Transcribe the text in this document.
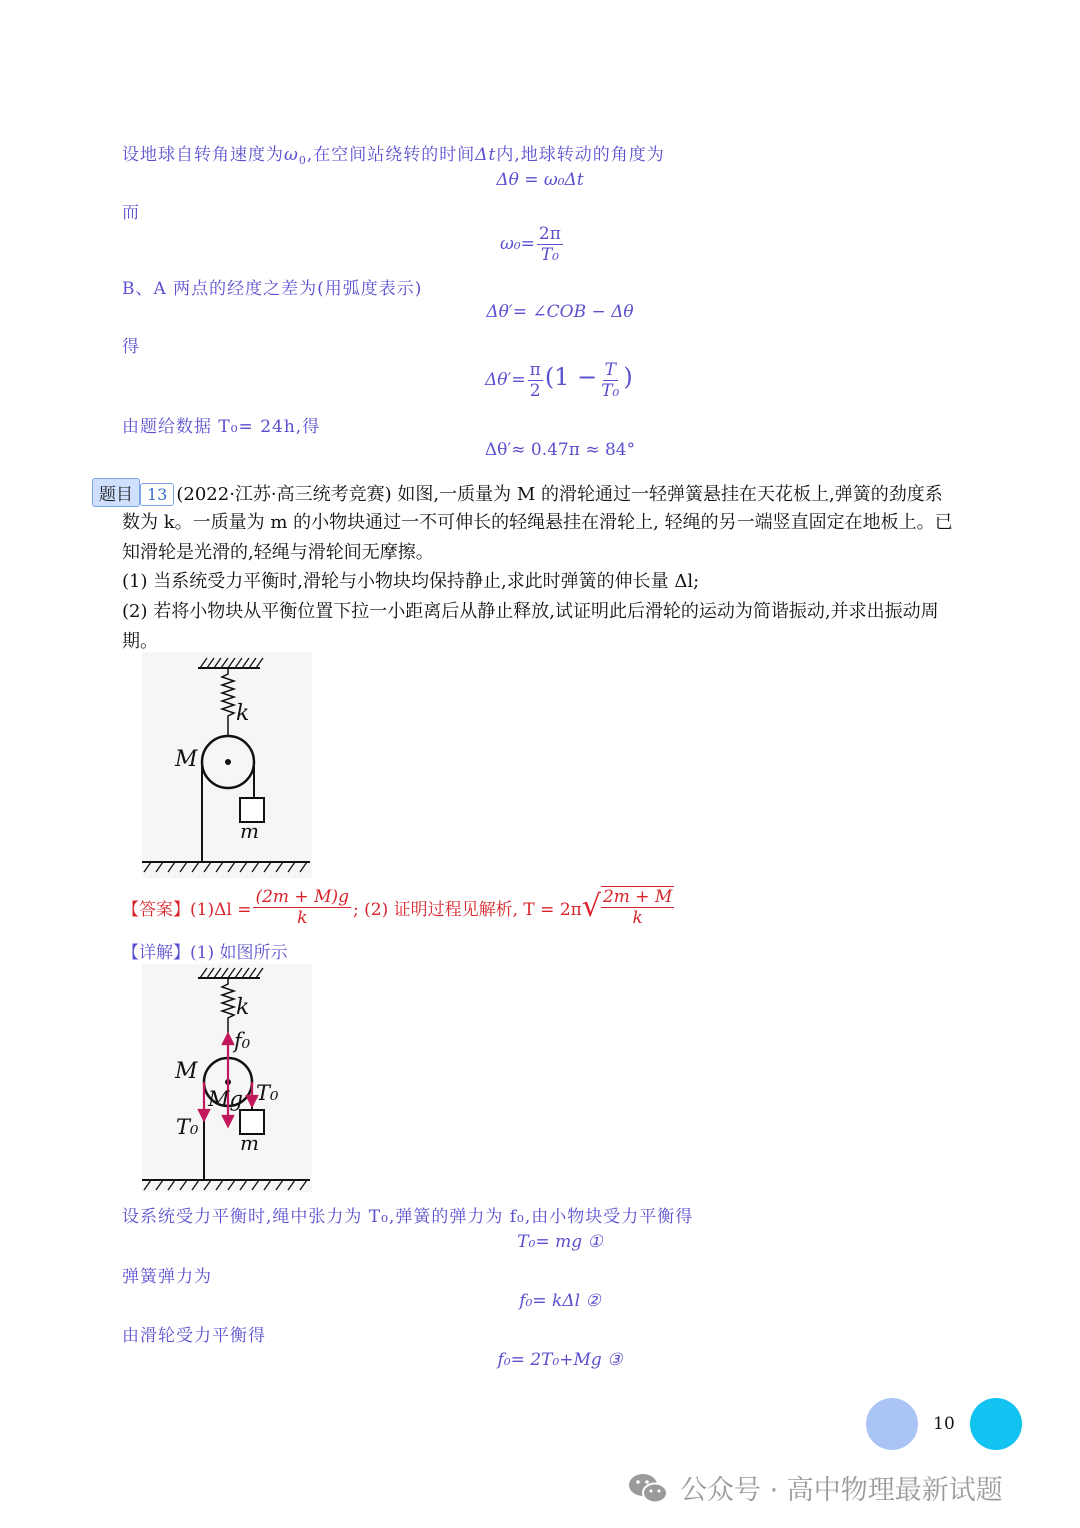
设地球自转角速度为$\omega_0$,在空间站绕转的时间Δt内,地球转动的角度为
Δθ = ω₀Δt
而
$\omega_0= \frac{2\pi}{\text{T₀}}$
B、A 两点的经度之差为(用弧度表示)
Δθ′= ∠COB − Δθ
得
$\Delta\theta'= \frac{\pi}{2} (1 - \frac{T}{\text{T₀}}$ )
由题给数据 T₀= 24h,得
Δθ′≈ 0.47π ≈ 84°
题目 13 (2022·江苏·高三统考竞赛) 如图,一质量为 M 的滑轮通过一轻弹簧悬挂在天花板上,弹簧的劲度系
数为 k。一质量为 m 的小物块通过一不可伸长的轻绳悬挂在滑轮上, 轻绳的另一端竖直固定在地板上。已
知滑轮是光滑的,轻绳与滑轮间无摩擦。
(1) 当系统受力平衡时,滑轮与小物块均保持静止,求此时弹簧的伸长量 Δl;
(2) 若将小物块从平衡位置下拉一小距离后从静止释放,试证明此后滑轮的运动为简谐振动,并求出振动周
期。
k
M
m
【答案】$(1)\Delta l = \frac{(2m + M)g}{k}$ ; (2) 证明过程见解析, T = 2π √ $\frac{2m + M}{k}$
【详解】(1) 如图所示
k
f₀
M
Mg T₀
T₀
m
设系统受力平衡时,绳中张力为 T₀,弹簧的弹力为 f₀,由小物块受力平衡得
T₀= mg ①
弹簧弹力为
f₀= kΔl ②
由滑轮受力平衡得
f₀= 2T₀+Mg ③
10
公众号 · 高中物理最新试题
